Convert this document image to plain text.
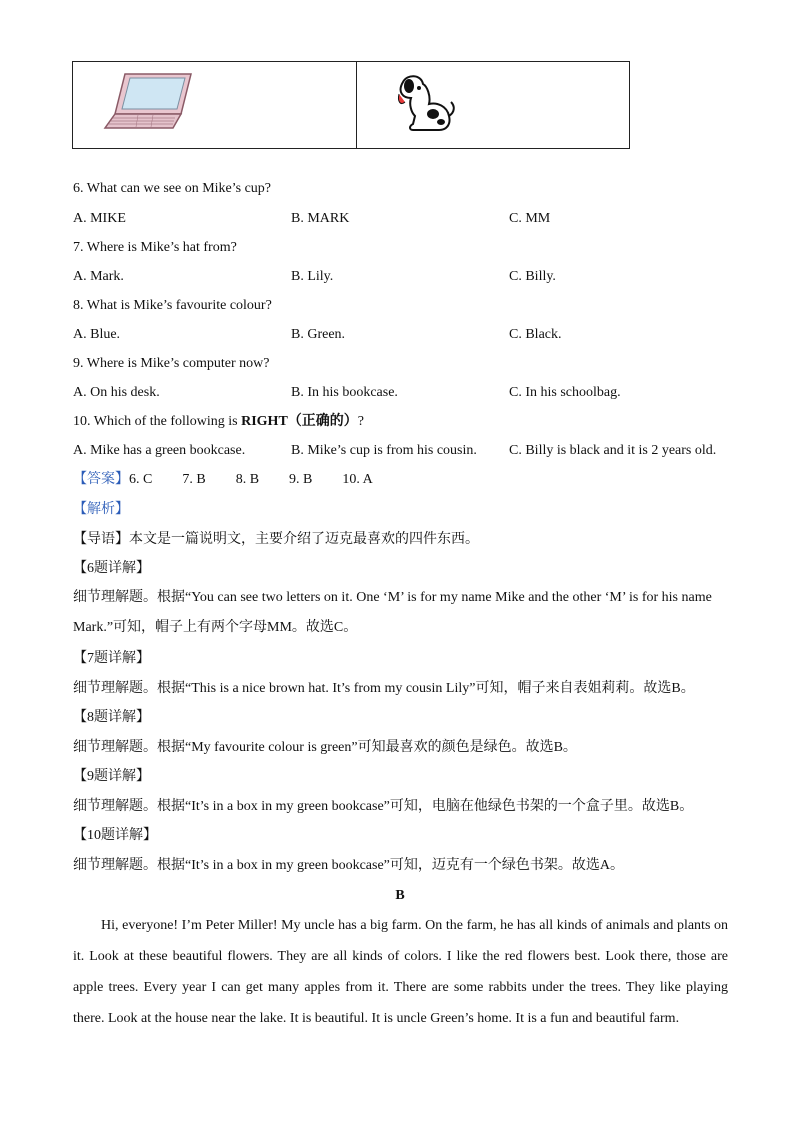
6. What can we see on Mike’s cup?
A. MIKE	B. MARK	C. MM
7. Where is Mike’s hat from?
A. Mark.	B. Lily.	C. Billy.
8. What is Mike’s favourite colour?
A. Blue.	B. Green.	C. Black.
9. Where is Mike’s computer now?
A. On his desk.	B. In his bookcase.	C. In his schoolbag.
10. Which of the following is RIGHT（正确的）?
A. Mike has a green bookcase.	B. Mike’s cup is from his cousin. C. Billy is black and it is 2 years old.
【答案】6. C 7. B 8. B 9. B 10. A
【解析】
【导语】本文是一篇说明文，主要介绍了迈克最喜欢的四件东西。
【6题详解】
细节理解题。根据“You can see two letters on it. One ‘M’ is for my name Mike and the other ‘M’ is for his name
Mark.”可知，帽子上有两个字母MM。故选C。
【7题详解】
细节理解题。根据“This is a nice brown hat. It’s from my cousin Lily”可知，帽子来自表姐莉莉。故选B。
【8题详解】
细节理解题。根据“My favourite colour is green”可知最喜欢的颜色是绿色。故选B。
【9题详解】
细节理解题。根据“It’s in a box in my green bookcase”可知，电脑在他绿色书架的一个盒子里。故选B。
【10题详解】
细节理解题。根据“It’s in a box in my green bookcase”可知，迈克有一个绿色书架。故选A。
B
Hi, everyone! I’m Peter Miller! My uncle has a big farm. On the farm, he has all kinds of animals and plants on it. Look at these beautiful flowers. They are all kinds of colors. I like the red flowers best. Look there, those are apple trees. Every year I can get many apples from it. There are some rabbits under the trees. They like playing there. Look at the house near the lake. It is beautiful. It is uncle Green’s home. It is a fun and beautiful farm.
